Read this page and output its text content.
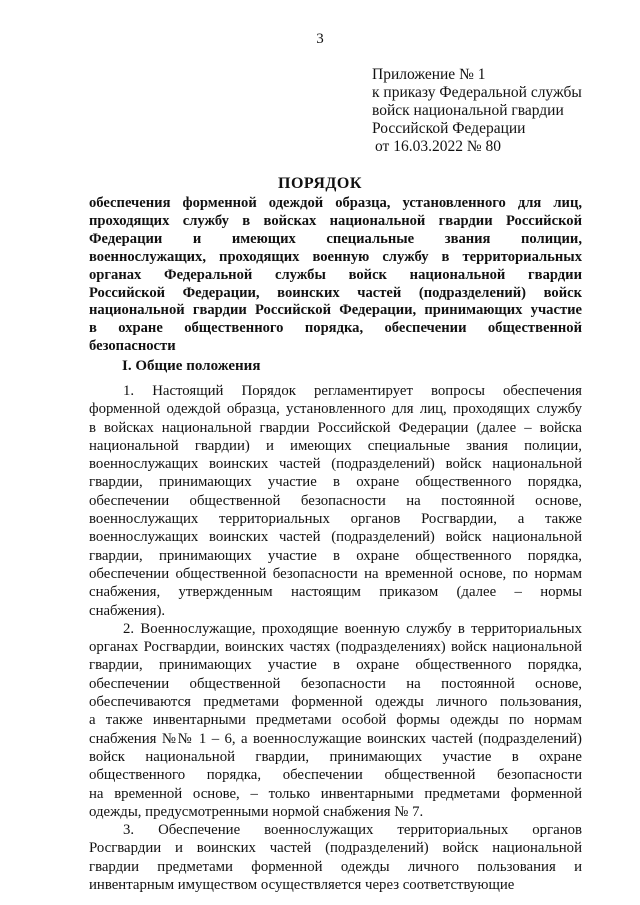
3
Приложение № 1
к приказу Федеральной службы
войск национальной гвардии
Российской Федерации
от 16.03.2022 № 80
ПОРЯДОК
обеспечения форменной одеждой образца, установленного для лиц,
проходящих службу в войсках национальной гвардии Российской
Федерации и имеющих специальные звания полиции,
военнослужащих, проходящих военную службу в территориальных
органах Федеральной службы войск национальной гвардии
Российской Федерации, воинских частей (подразделений) войск
национальной гвардии Российской Федерации, принимающих участие
в охране общественного порядка, обеспечении общественной
безопасности
I. Общие положения
1. Настоящий Порядок регламентирует вопросы обеспечения
форменной одеждой образца, установленного для лиц, проходящих службу
в войсках национальной гвардии Российской Федерации (далее – войска
национальной гвардии) и имеющих специальные звания полиции,
военнослужащих воинских частей (подразделений) войск национальной
гвардии, принимающих участие в охране общественного порядка,
обеспечении общественной безопасности на постоянной основе,
военнослужащих территориальных органов Росгвардии, а также
военнослужащих воинских частей (подразделений) войск национальной
гвардии, принимающих участие в охране общественного порядка,
обеспечении общественной безопасности на временной основе, по нормам
снабжения, утвержденным настоящим приказом (далее – нормы
снабжения).
2. Военнослужащие, проходящие военную службу в территориальных
органах Росгвардии, воинских частях (подразделениях) войск национальной
гвардии, принимающих участие в охране общественного порядка,
обеспечении общественной безопасности на постоянной основе,
обеспечиваются предметами форменной одежды личного пользования,
а также инвентарными предметами особой формы одежды по нормам
снабжения №№ 1 – 6, а военнослужащие воинских частей (подразделений)
войск национальной гвардии, принимающих участие в охране
общественного порядка, обеспечении общественной безопасности
на временной основе, – только инвентарными предметами форменной
одежды, предусмотренными нормой снабжения № 7.
3. Обеспечение военнослужащих территориальных органов
Росгвардии и воинских частей (подразделений) войск национальной
гвардии предметами форменной одежды личного пользования и
инвентарным имуществом осуществляется через соответствующие
